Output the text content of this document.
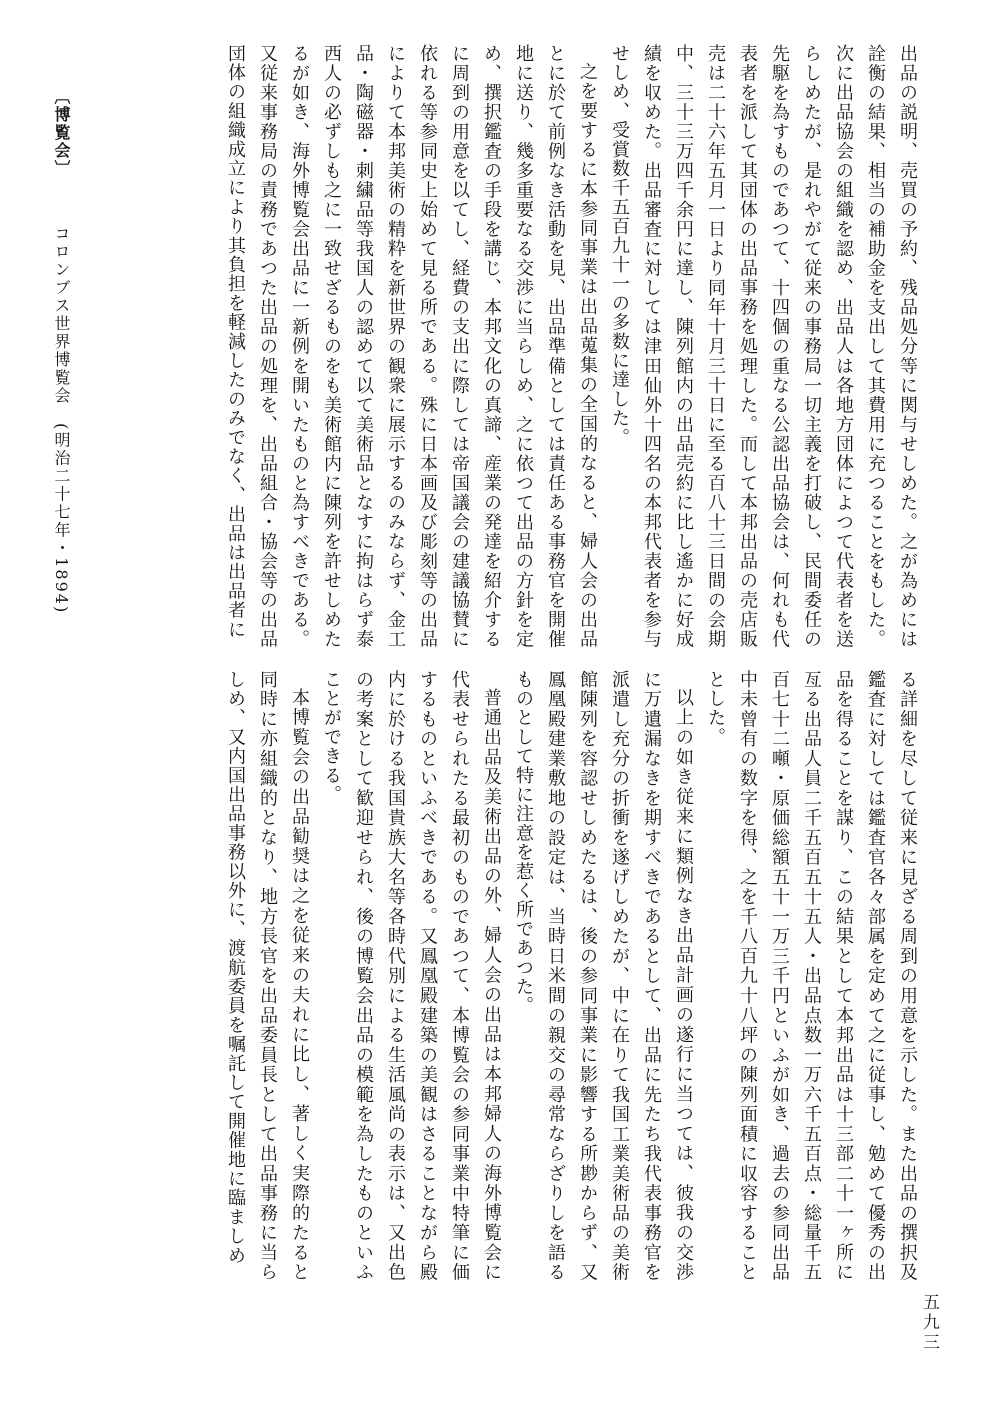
〔博覧会〕
コロンブス世界博覧会　(明治二十七年・1894)	出品の説明、売買の予約、残品処分等に関与せしめた。之が為めには詮衡の結果、相当の補助金を支出して其費用に充つることをもした。次に出品協会の組織を認め、出品人は各地方団体によつて代表者を送らしめたが、是れやがて従来の事務局一切主義を打破し、民間委任の先駆を為すものであつて、十四個の重なる公認出品協会は、何れも代表者を派して其団体の出品事務を処理した。而して本邦出品の売店販売は二十六年五月一日より同年十月三十日に至る百八十三日間の会期中、三十三万四千余円に達し、陳列館内の出品売約に比し遙かに好成績を収めた。出品審査に対しては津田仙外十四名の本邦代表者を参与せしめ、受賞数千五百九十一の多数に達した。

之を要するに本参同事業は出品蒐集の全国的なると、婦人会の出品とに於て前例なき活動を見、出品準備としては責任ある事務官を開催地に送り、幾多重要なる交渉に当らしめ、之に依つて出品の方針を定め、撰択鑑査の手段を講じ、本邦文化の真諦、産業の発達を紹介するに周到の用意を以てし、経費の支出に際しては帝国議会の建議協賛に依れる等参同史上始めて見る所である。殊に日本画及び彫刻等の出品によりて本邦美術の精粋を新世界の観衆に展示するのみならず、金工品・陶磁器・刺繍品等我国人の認めて以て美術品となすに拘はらず泰西人の必ずしも之に一致せざるものをも美術館内に陳列を許せしめたるが如き、海外博覧会出品に一新例を開いたものと為すべきである。又従来事務局の責務であつた出品の処理を、出品組合・協会等の出品団体の組織成立により其負担を軽減したのみでなく、出品は出品者に

る詳細を尽して従来に見ざる周到の用意を示した。また出品の撰択及鑑査に対しては鑑査官各々部属を定めて之に従事し、勉めて優秀の出品を得ることを謀り、この結果として本邦出品は十三部二十一ヶ所に亙る出品人員二千五百五十五人・出品点数一万六千五百点・総量千五百七十二噸・原価総額五十一万三千円といふが如き、過去の参同出品中未曾有の数字を得、之を千八百九十八坪の陳列面積に収容することとした。

以上の如き従来に類例なき出品計画の遂行に当つては、彼我の交渉に万遺漏なきを期すべきであるとして、出品に先たち我代表事務官を派遣し充分の折衝を遂げしめたが、中に在りて我国工業美術品の美術館陳列を容認せしめたるは、後の参同事業に影響する所尠からず、又鳳凰殿建業敷地の設定は、当時日米間の親交の尋常ならざりしを語るものとして特に注意を惹く所であつた。

普通出品及美術出品の外、婦人会の出品は本邦婦人の海外博覧会に代表せられたる最初のものであつて、本博覧会の参同事業中特筆に価するものといふべきである。又鳳凰殿建築の美観はさることながら殿内に於ける我国貴族大名等各時代別による生活風尚の表示は、又出色の考案として歓迎せられ、後の博覧会出品の模範を為したものといふことができる。

本博覧会の出品勧奨は之を従来の夫れに比し、著しく実際的たると同時に亦組織的となり、地方長官を出品委員長として出品事務に当らしめ、又内国出品事務以外に、渡航委員を嘱託して開催地に臨ましめ

五九三
